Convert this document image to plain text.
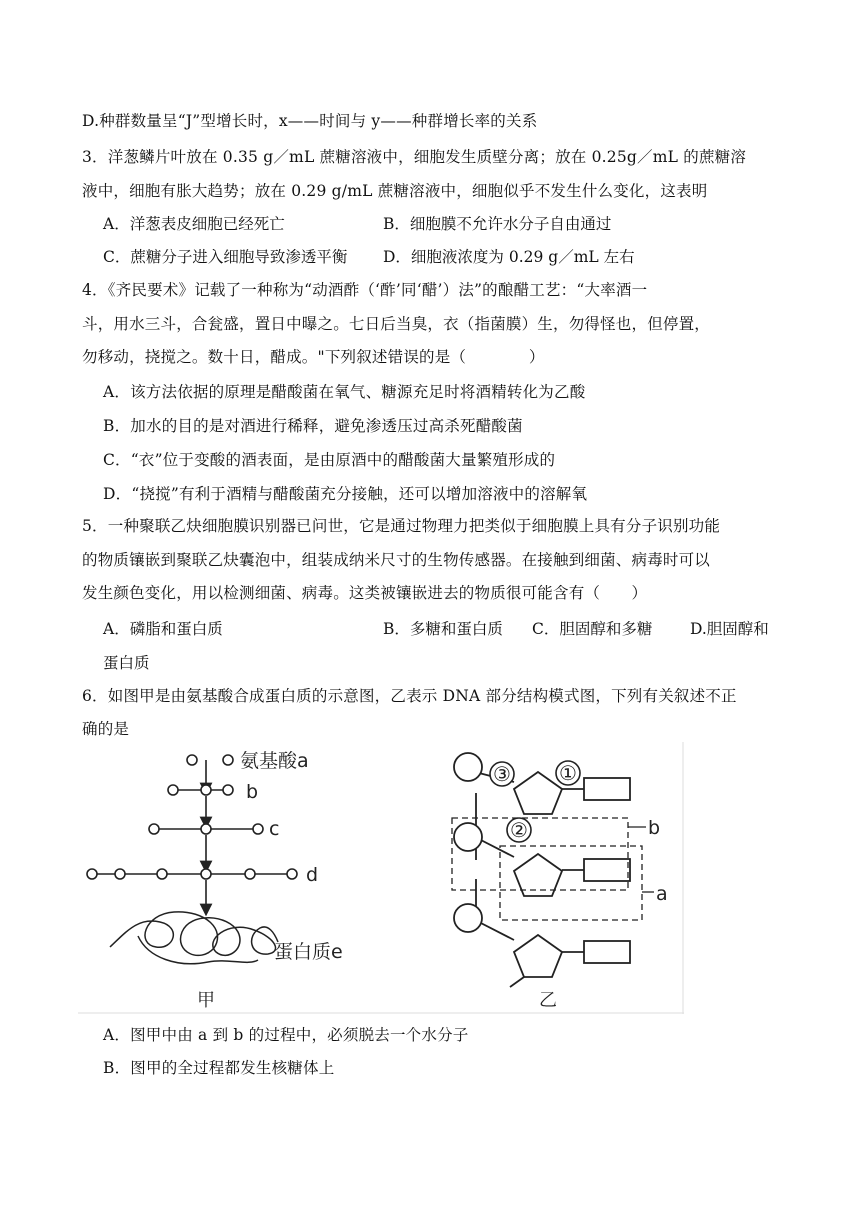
D.种群数量呈“J”型增长时，x——时间与 y——种群增长率的关系
3．洋葱鳞片叶放在 0.35 g／mL 蔗糖溶液中，细胞发生质壁分离；放在 0.25g／mL 的蔗糖溶
液中，细胞有胀大趋势；放在 0.29 g/mL 蔗糖溶液中，细胞似乎不发生什么变化，这表明
A．洋葱表皮细胞已经死亡	B．细胞膜不允许水分子自由通过
C．蔗糖分子进入细胞导致渗透平衡 D．细胞液浓度为 0.29 g／mL 左右
4．《齐民要术》记载了一种称为“动酒酢（‘酢’同‘醋’）法”的酿醋工艺：“大率酒一
斗，用水三斗，合瓮盛，置日中曝之。七日后当臭，衣（指菌膜）生，勿得怪也，但停置，
勿移动，挠搅之。数十日，醋成。"下列叙述错误的是（　　　　）
A．该方法依据的原理是醋酸菌在氧气、糖源充足时将酒精转化为乙酸
B．加水的目的是对酒进行稀释，避免渗透压过高杀死醋酸菌
C．“衣”位于变酸的酒表面，是由原酒中的醋酸菌大量繁殖形成的
D．“挠搅”有利于酒精与醋酸菌充分接触，还可以增加溶液中的溶解氧
5．一种聚联乙炔细胞膜识别器已问世，它是通过物理力把类似于细胞膜上具有分子识别功能
的物质镶嵌到聚联乙炔囊泡中，组装成纳米尺寸的生物传感器。在接触到细菌、病毒时可以
发生颜色变化，用以检测细菌、病毒。这类被镶嵌进去的物质很可能含有（　　）
A．磷脂和蛋白质	B．多糖和蛋白质 C．胆固醇和多糖 D.胆固醇和
蛋白质
6．如图甲是由氨基酸合成蛋白质的示意图，乙表示 DNA 部分结构模式图，下列有关叙述不正
确的是
氨基酸a
b
c
d
蛋白质e
甲
③ ①
②	b
a
乙
A．图甲中由 a 到 b 的过程中，必须脱去一个水分子
B．图甲的全过程都发生核糖体上
